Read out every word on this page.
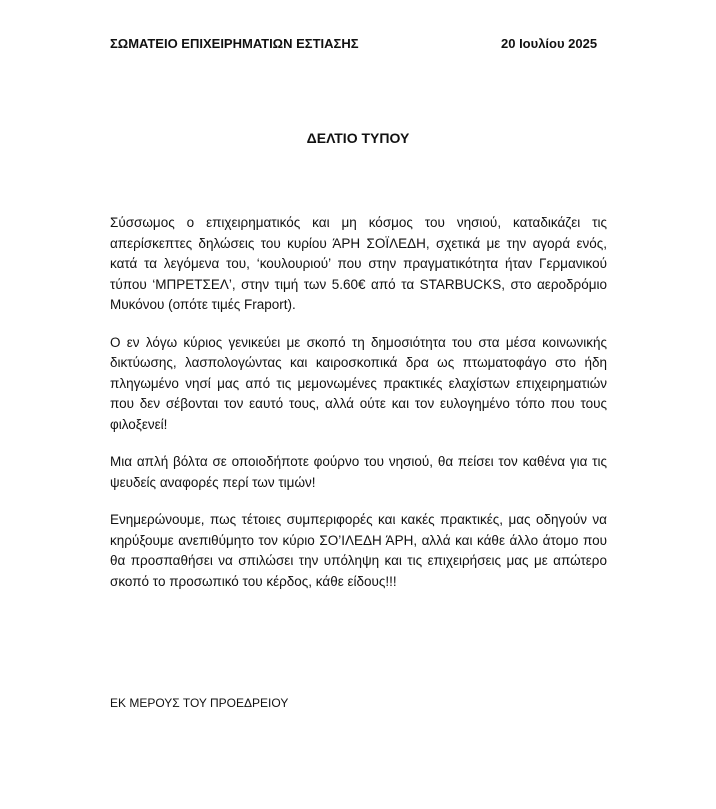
ΣΩΜΑΤΕΙΟ ΕΠΙΧΕΙΡΗΜΑΤΙΩΝ ΕΣΤΙΑΣΗΣ	20 Ιουλίου 2025
ΔΕΛΤΙΟ ΤΥΠΟΥ

Σύσσωμος ο επιχειρηματικός και μη κόσμος του νησιού, καταδικάζει τις απερίσκεπτες δηλώσεις του κυρίου ΆΡΗ ΣΟΪΛΕΔΗ, σχετικά με την αγορά ενός, κατά τα λεγόμενα του, ‘κουλουριού’ που στην πραγματικότητα ήταν Γερμανικού τύπου ‘ΜΠΡΕΤΣΕΛ’, στην τιμή των 5.60€ από τα STARBUCKS, στο αεροδρόμιο Μυκόνου (οπότε τιμές Fraport).

Ο εν λόγω κύριος γενικεύει με σκοπό τη δημοσιότητα του στα μέσα κοινωνικής δικτύωσης, λασπολογώντας και καιροσκοπικά δρα ως πτωματοφάγο στο ήδη πληγωμένο νησί μας από τις μεμονωμένες πρακτικές ελαχίστων επιχειρηματιών που δεν σέβονται τον εαυτό τους, αλλά ούτε και τον ευλογημένο τόπο που τους φιλοξενεί!

Μια απλή βόλτα σε οποιοδήποτε φούρνο του νησιού, θα πείσει τον καθένα για τις ψευδείς αναφορές περί των τιμών!

Ενημερώνουμε, πως τέτοιες συμπεριφορές και κακές πρακτικές, μας οδηγούν να κηρύξουμε ανεπιθύμητο τον κύριο ΣΟ’ΙΛΕΔΗ ΆΡΗ, αλλά και κάθε άλλο άτομο που θα προσπαθήσει να σπιλώσει την υπόληψη και τις επιχειρήσεις μας με απώτερο σκοπό το προσωπικό του κέρδος, κάθε είδους!!!

ΕΚ ΜΕΡΟΥΣ ΤΟΥ ΠΡΟΕΔΡΕΙΟΥ
